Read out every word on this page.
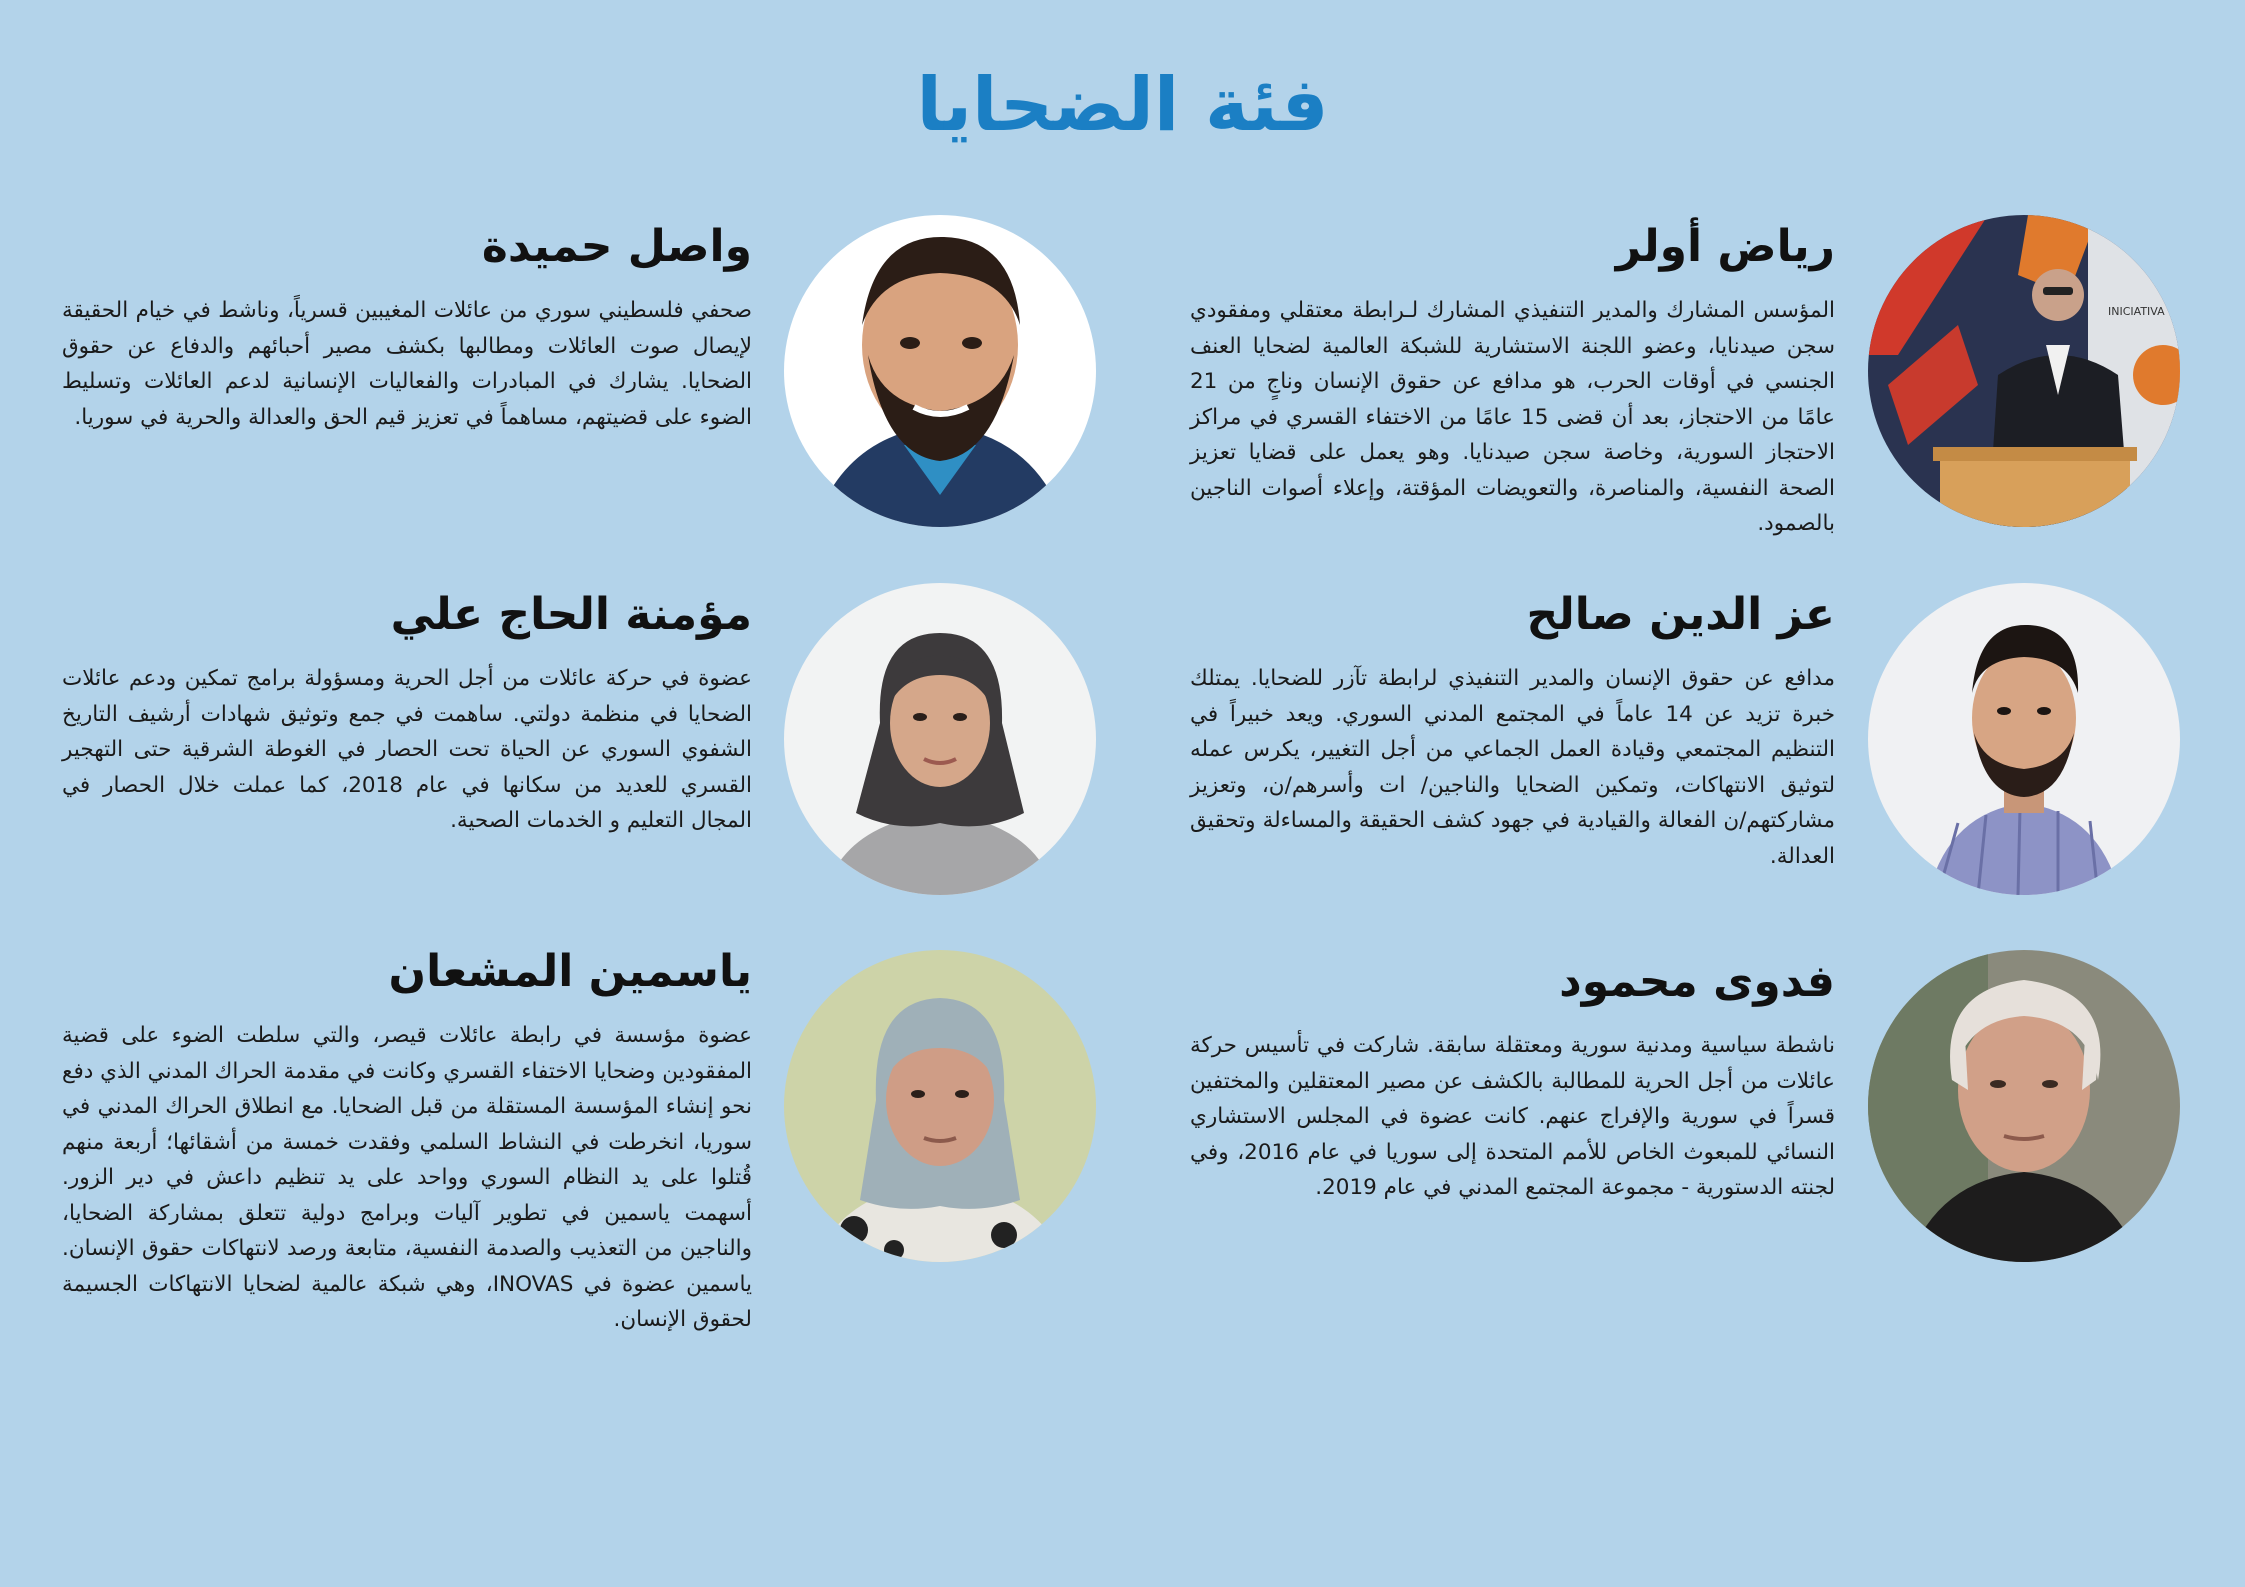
فئة الضحايا
INICIATIVA
رياض أولر

المؤسس المشارك والمدير التنفيذي المشارك لـرابطة معتقلي ومفقودي سجن صيدنايا، وعضو اللجنة الاستشارية للشبكة العالمية لضحايا العنف الجنسي في أوقات الحرب، هو مدافع عن حقوق الإنسان وناجٍ من 21 عامًا من الاحتجاز، بعد أن قضى 15 عامًا من الاختفاء القسري في مراكز الاحتجاز السورية، وخاصة سجن صيدنايا. وهو يعمل على قضايا تعزيز الصحة النفسية، والمناصرة، والتعويضات المؤقتة، وإعلاء أصوات الناجين بالصمود.

واصل حميدة

صحفي فلسطيني سوري من عائلات المغيبين قسرياً، وناشط في خيام الحقيقة لإيصال صوت العائلات ومطالبها بكشف مصير أحبائهم والدفاع عن حقوق الضحايا. يشارك في المبادرات والفعاليات الإنسانية لدعم العائلات وتسليط الضوء على قضيتهم، مساهماً في تعزيز قيم الحق والعدالة والحرية في سوريا.

عز الدين صالح

مدافع عن حقوق الإنسان والمدير التنفيذي لرابطة تآزر للضحايا. يمتلك خبرة تزيد عن 14 عاماً في المجتمع المدني السوري. ويعد خبيراً في التنظيم المجتمعي وقيادة العمل الجماعي من أجل التغيير، يكرس عمله لتوثيق الانتهاكات، وتمكين الضحايا والناجين/ ات وأسرهم/ن، وتعزيز مشاركتهم/ن الفعالة والقيادية في جهود كشف الحقيقة والمساءلة وتحقيق العدالة.

مؤمنة الحاج علي

عضوة في حركة عائلات من أجل الحرية ومسؤولة برامج تمكين ودعم عائلات الضحايا في منظمة دولتي. ساهمت في جمع وتوثيق شهادات أرشيف التاريخ الشفوي السوري عن الحياة تحت الحصار في الغوطة الشرقية حتى التهجير القسري للعديد من سكانها في عام 2018، كما عملت خلال الحصار في المجال التعليم و الخدمات الصحية.

فدوى محمود

ناشطة سياسية ومدنية سورية ومعتقلة سابقة. شاركت في تأسيس حركة عائلات من أجل الحرية للمطالبة بالكشف عن مصير المعتقلين والمختفين قسراً في سورية والإفراج عنهم. كانت عضوة في المجلس الاستشاري النسائي للمبعوث الخاص للأمم المتحدة إلى سوريا في عام 2016، وفي لجنته الدستورية - مجموعة المجتمع المدني في عام 2019.

ياسمين المشعان

عضوة مؤسسة في رابطة عائلات قيصر، والتي سلطت الضوء على قضية المفقودين وضحايا الاختفاء القسري وكانت في مقدمة الحراك المدني الذي دفع نحو إنشاء المؤسسة المستقلة من قبل الضحايا. مع انطلاق الحراك المدني في سوريا، انخرطت في النشاط السلمي وفقدت خمسة من أشقائها؛ أربعة منهم قُتلوا على يد النظام السوري وواحد على يد تنظيم داعش في دير الزور. أسهمت ياسمين في تطوير آليات وبرامج دولية تتعلق بمشاركة الضحايا، والناجين من التعذيب والصدمة النفسية، متابعة ورصد لانتهاكات حقوق الإنسان. ياسمين عضوة في INOVAS، وهي شبكة عالمية لضحايا الانتهاكات الجسيمة لحقوق الإنسان.
